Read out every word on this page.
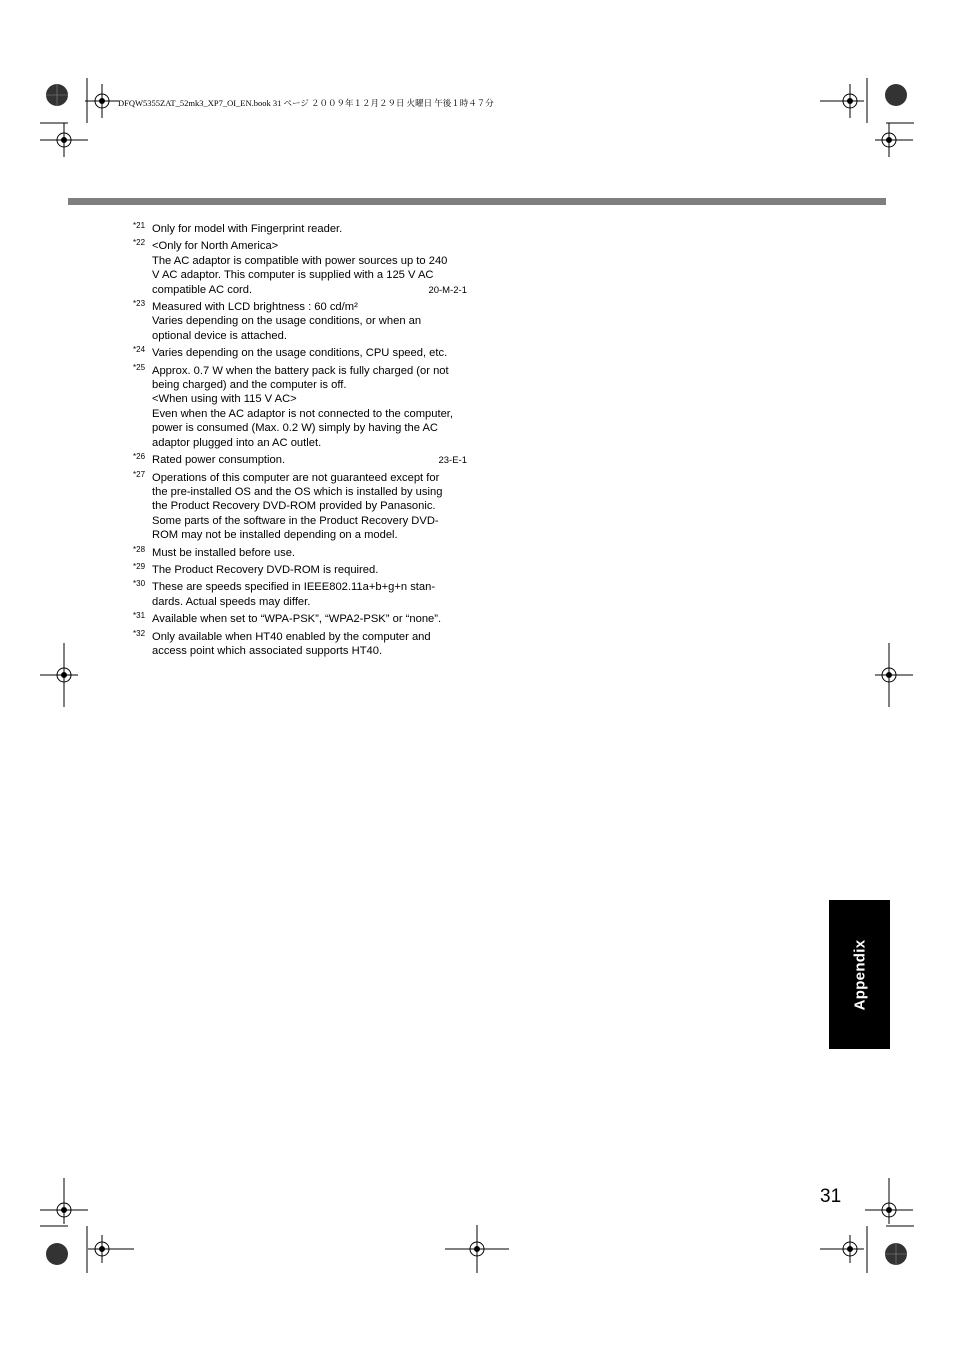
DFQW5355ZAT_52mk3_XP7_OI_EN.book 31 ページ ２００９年１２月２９日 火曜日 午後１時４７分
*21 Only for model with Fingerprint reader.
*22 <Only for North America>
The AC adaptor is compatible with power sources up to 240
V AC adaptor. This computer is supplied with a 125 V AC
compatible AC cord.	20-M-2-1
*23 Measured with LCD brightness : 60 cd/m²
Varies depending on the usage conditions, or when an
optional device is attached.
*24 Varies depending on the usage conditions, CPU speed, etc.
*25 Approx. 0.7 W when the battery pack is fully charged (or not
being charged) and the computer is off.
<When using with 115 V AC>
Even when the AC adaptor is not connected to the computer,
power is consumed (Max. 0.2 W) simply by having the AC
adaptor plugged into an AC outlet.
*26 Rated power consumption.	23-E-1
*27 Operations of this computer are not guaranteed except for
the pre-installed OS and the OS which is installed by using
the Product Recovery DVD-ROM provided by Panasonic.
Some parts of the software in the Product Recovery DVD-
ROM may not be installed depending on a model.
*28 Must be installed before use.
*29 The Product Recovery DVD-ROM is required.
*30 These are speeds specified in IEEE802.11a+b+g+n stan-
dards. Actual speeds may differ.
*31 Available when set to “WPA-PSK”, “WPA2-PSK” or “none”.
*32 Only available when HT40 enabled by the computer and
access point which associated supports HT40.
Appendix
31
